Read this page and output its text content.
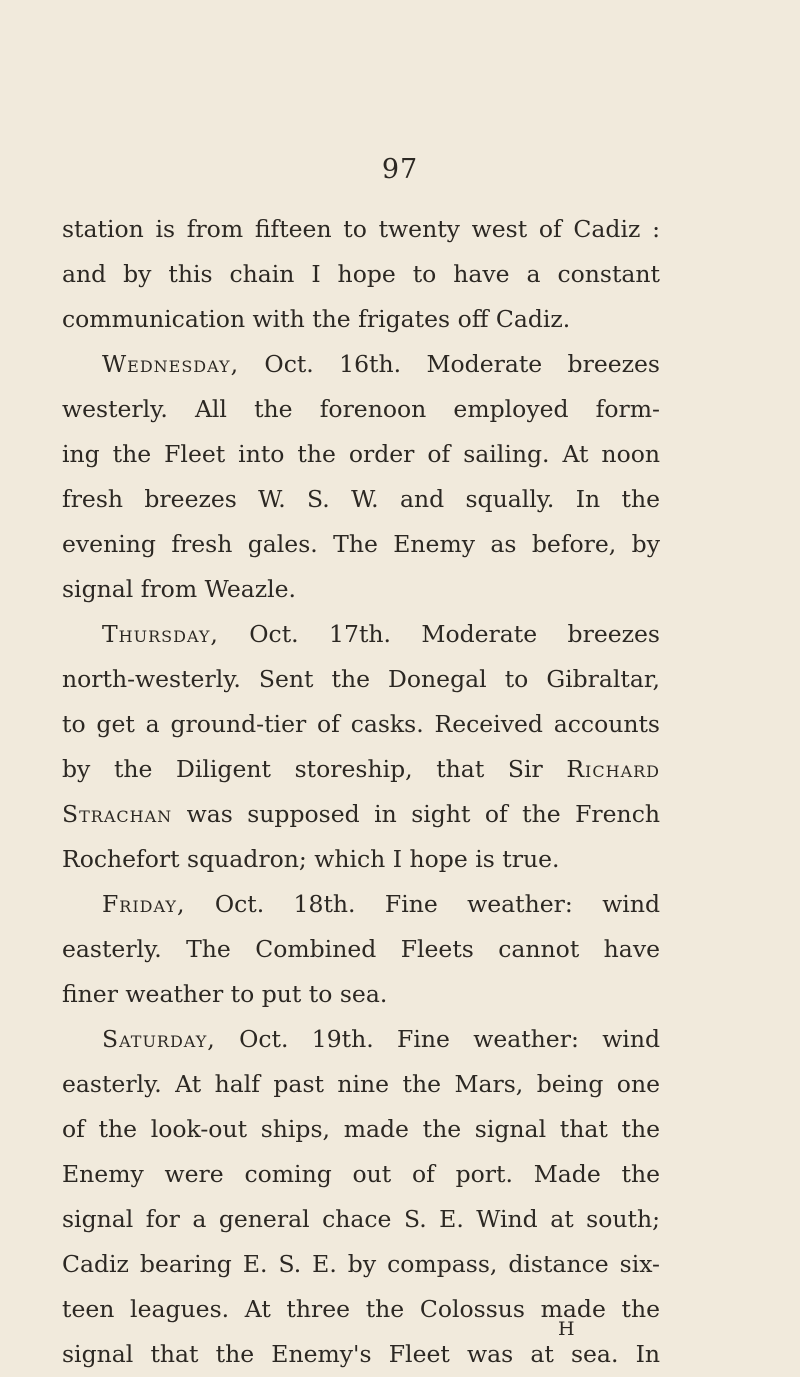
97
station is from fifteen to twenty west of Cadiz :
and by this chain I hope to have a constant
communication with the frigates off Cadiz.
Wednesday, Oct. 16th. Moderate breezes
westerly. All the forenoon employed form-
ing the Fleet into the order of sailing. At noon
fresh breezes W. S. W. and squally. In the
evening fresh gales. The Enemy as before, by
signal from Weazle.
Thursday, Oct. 17th. Moderate breezes
north-westerly. Sent the Donegal to Gibraltar,
to get a ground-tier of casks. Received accounts
by the Diligent storeship, that Sir Richard
Strachan was supposed in sight of the French
Rochefort squadron; which I hope is true.
Friday, Oct. 18th. Fine weather: wind
easterly. The Combined Fleets cannot have
finer weather to put to sea.
Saturday, Oct. 19th. Fine weather: wind
easterly. At half past nine the Mars, being one
of the look-out ships, made the signal that the
Enemy were coming out of port. Made the
signal for a general chace S. E. Wind at south;
Cadiz bearing E. S. E. by compass, distance six-
teen leagues. At three the Colossus made the
signal that the Enemy's Fleet was at sea. In
H
